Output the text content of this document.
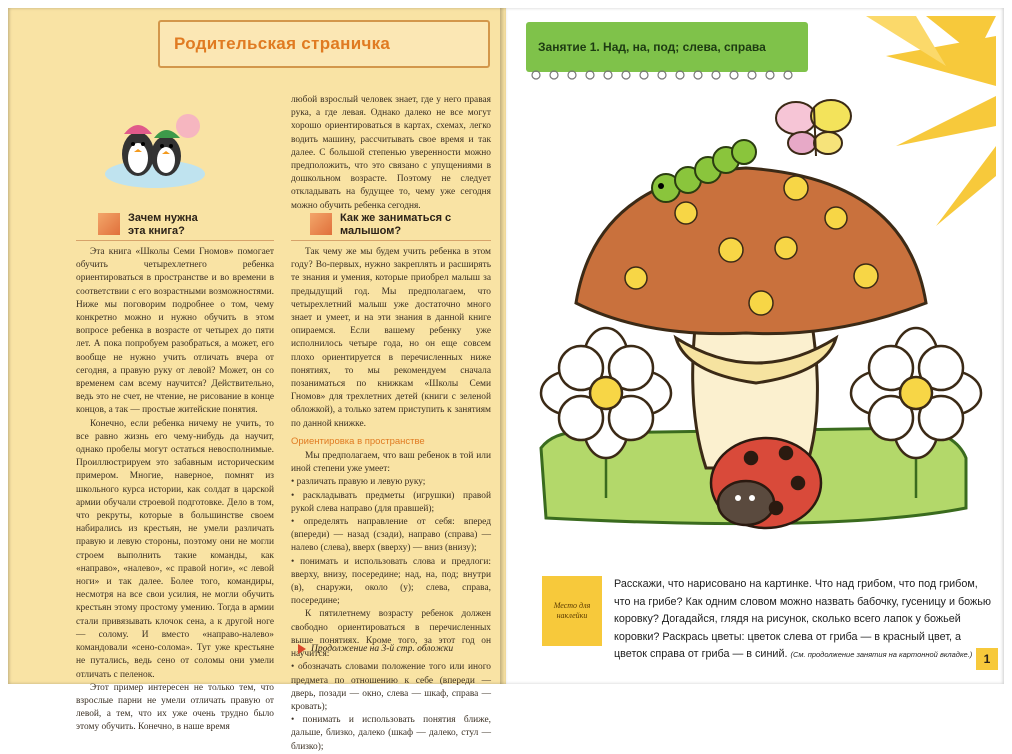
Родительская страничка

любой взрослый человек знает, где у него правая рука, а где левая. Однако далеко не все могут хорошо ориентироваться в картах, схемах, легко водить машину, рассчитывать свое время и так далее. С большой степенью уверенности можно предположить, что это связано с упущениями в дошкольном возрасте. Поэтому не следует откладывать на будущее то, чему уже сегодня можно обучить ребенка сегодня.

Зачем нужна эта книга?
Как же заниматься с малышом?

Эта книга «Школы Семи Гномов» помогает обучить четырехлетнего ребенка ориентироваться в пространстве и во времени в соответствии с его возрастными возможностями. Ниже мы поговорим подробнее о том, чему конкретно можно и нужно обучить в этом вопросе ребенка в возрасте от четырех до пяти лет. А пока попробуем разобраться, а может, его вообще не нужно учить отличать вчера от сегодня, а правую руку от левой? Может, он со временем сам всему научится? Действительно, ведь это не счет, не чтение, не рисование в конце концов, а так — простые житейские понятия.

Конечно, если ребенка ничему не учить, то все равно жизнь его чему-нибудь да научит, однако пробелы могут остаться невосполнимые. Проиллюстрируем это забавным историческим примером. Многие, наверное, помнят из школьного курса истории, как солдат в царской армии обучали строевой подготовке. Дело в том, что рекруты, которые в большинстве своем набирались из крестьян, не умели различать правую и левую стороны, поэтому они не могли строем выполнить такие команды, как «направо», «налево», «с правой ноги», «с левой ноги» и так далее. Более того, командиры, несмотря на все свои усилия, не могли обучить крестьян этому простому умению. Тогда в армии стали привязывать клочок сена, а к другой ноге — солому. И вместо «направо-налево» командовали «сено-солома». Тут уже крестьяне не путались, ведь сено от соломы они умели отличать с пеленок.

Этот пример интересен не только тем, что взрослые парни не умели отличать правую от левой, а тем, что их уже очень трудно было этому обучить. Конечно, в наше время

Так чему же мы будем учить ребенка в этом году? Во-первых, нужно закреплять и расширять те знания и умения, которые приобрел малыш за предыдущий год. Мы предполагаем, что четырехлетний малыш уже достаточно много знает и умеет, и на эти знания в данной книге опираемся. Если вашему ребенку уже исполнилось четыре года, но он еще совсем плохо ориентируется в перечисленных ниже понятиях, то мы рекомендуем сначала позаниматься по книжкам «Школы Семи Гномов» для трехлетних детей (книги с зеленой обложкой), а только затем приступить к занятиям по данной книжке.

Ориентировка в пространстве

Мы предполагаем, что ваш ребенок в той или иной степени уже умеет:

• различать правую и левую руку;

• раскладывать предметы (игрушки) правой рукой слева направо (для правшей);

• определять направление от себя: вперед (впереди) — назад (сзади), направо (справа) — налево (слева), вверх (вверху) — вниз (внизу);

• понимать и использовать слова и предлоги: вверху, внизу, посередине; над, на, под; внутри (в), снаружи, около (у); слева, справа, посередине;

К пятилетнему возрасту ребенок должен свободно ориентироваться в перечисленных выше понятиях. Кроме того, за этот год он научится:

• обозначать словами положение того или иного предмета по отношению к себе (впереди — дверь, позади — окно, слева — шкаф, справа — кровать);

• понимать и использовать понятия ближе, дальше, близко, далеко (шкаф — далеко, стул — близко);

Продолжение на 3-й стр. обложки
Занятие 1. Над, на, под; слева, справа
Место для наклейки
Расскажи, что нарисовано на картинке. Что над грибом, что под грибом, что на грибе? Как одним словом можно назвать бабочку, гусеницу и божью коровку? Догадайся, глядя на рисунок, сколько всего лапок у божьей коровки? Раскрась цветы: цветок слева от гриба — в красный цвет, а цветок справа от гриба — в синий. (См. продолжение занятия на картонной вкладке.) 1
